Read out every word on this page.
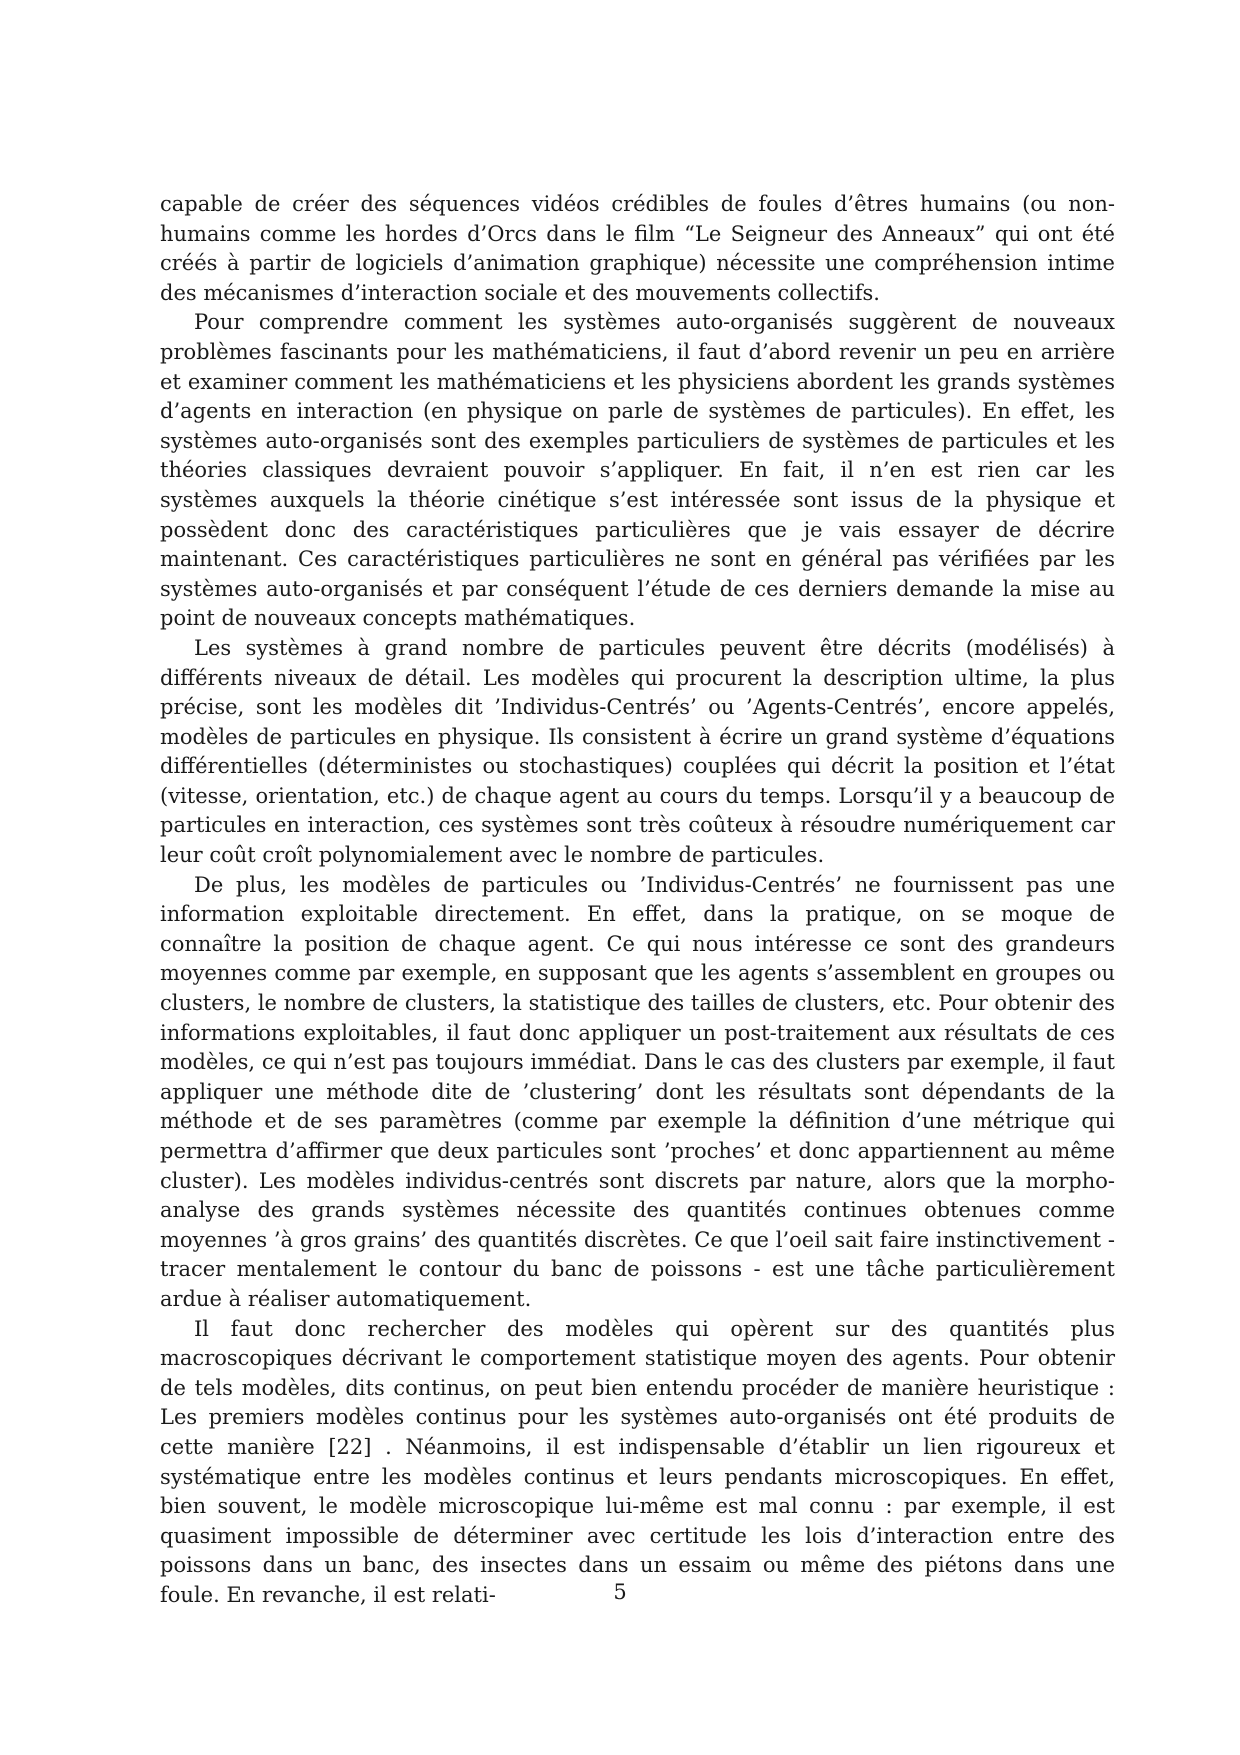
capable de créer des séquences vidéos crédibles de foules d’êtres humains (ou non-humains comme les hordes d’Orcs dans le film “Le Seigneur des Anneaux” qui ont été créés à partir de logiciels d’animation graphique) nécessite une compréhension intime des mécanismes d’interaction sociale et des mouvements collectifs.

Pour comprendre comment les systèmes auto-organisés suggèrent de nouveaux problèmes fascinants pour les mathématiciens, il faut d’abord revenir un peu en arrière et examiner comment les mathématiciens et les physiciens abordent les grands systèmes d’agents en interaction (en physique on parle de systèmes de particules). En effet, les systèmes auto-organisés sont des exemples particuliers de systèmes de particules et les théories classiques devraient pouvoir s’appliquer. En fait, il n’en est rien car les systèmes auxquels la théorie cinétique s’est intéressée sont issus de la physique et possèdent donc des caractéristiques particulières que je vais essayer de décrire maintenant. Ces caractéristiques particulières ne sont en général pas vérifiées par les systèmes auto-organisés et par conséquent l’étude de ces derniers demande la mise au point de nouveaux concepts mathématiques.

Les systèmes à grand nombre de particules peuvent être décrits (modélisés) à différents niveaux de détail. Les modèles qui procurent la description ultime, la plus précise, sont les modèles dit ’Individus-Centrés’ ou ’Agents-Centrés’, encore appelés, modèles de particules en physique. Ils consistent à écrire un grand système d’équations différentielles (déterministes ou stochastiques) couplées qui décrit la position et l’état (vitesse, orientation, etc.) de chaque agent au cours du temps. Lorsqu’il y a beaucoup de particules en interaction, ces systèmes sont très coûteux à résoudre numériquement car leur coût croît polynomialement avec le nombre de particules.

De plus, les modèles de particules ou ’Individus-Centrés’ ne fournissent pas une information exploitable directement. En effet, dans la pratique, on se moque de connaître la position de chaque agent. Ce qui nous intéresse ce sont des grandeurs moyennes comme par exemple, en supposant que les agents s’assemblent en groupes ou clusters, le nombre de clusters, la statistique des tailles de clusters, etc. Pour obtenir des informations exploitables, il faut donc appliquer un post-traitement aux résultats de ces modèles, ce qui n’est pas toujours immédiat. Dans le cas des clusters par exemple, il faut appliquer une méthode dite de ’clustering’ dont les résultats sont dépendants de la méthode et de ses paramètres (comme par exemple la définition d’une métrique qui permettra d’affirmer que deux particules sont ’proches’ et donc appartiennent au même cluster). Les modèles individus-centrés sont discrets par nature, alors que la morpho-analyse des grands systèmes nécessite des quantités continues obtenues comme moyennes ’à gros grains’ des quantités discrètes. Ce que l’oeil sait faire instinctivement - tracer mentalement le contour du banc de poissons - est une tâche particulièrement ardue à réaliser automatiquement.

Il faut donc rechercher des modèles qui opèrent sur des quantités plus macroscopiques décrivant le comportement statistique moyen des agents. Pour obtenir de tels modèles, dits continus, on peut bien entendu procéder de manière heuristique : Les premiers modèles continus pour les systèmes auto-organisés ont été produits de cette manière [22] . Néanmoins, il est indispensable d’établir un lien rigoureux et systématique entre les modèles continus et leurs pendants microscopiques. En effet, bien souvent, le modèle microscopique lui-même est mal connu : par exemple, il est quasiment impossible de déterminer avec certitude les lois d’interaction entre des poissons dans un banc, des insectes dans un essaim ou même des piétons dans une foule. En revanche, il est relati-	5
